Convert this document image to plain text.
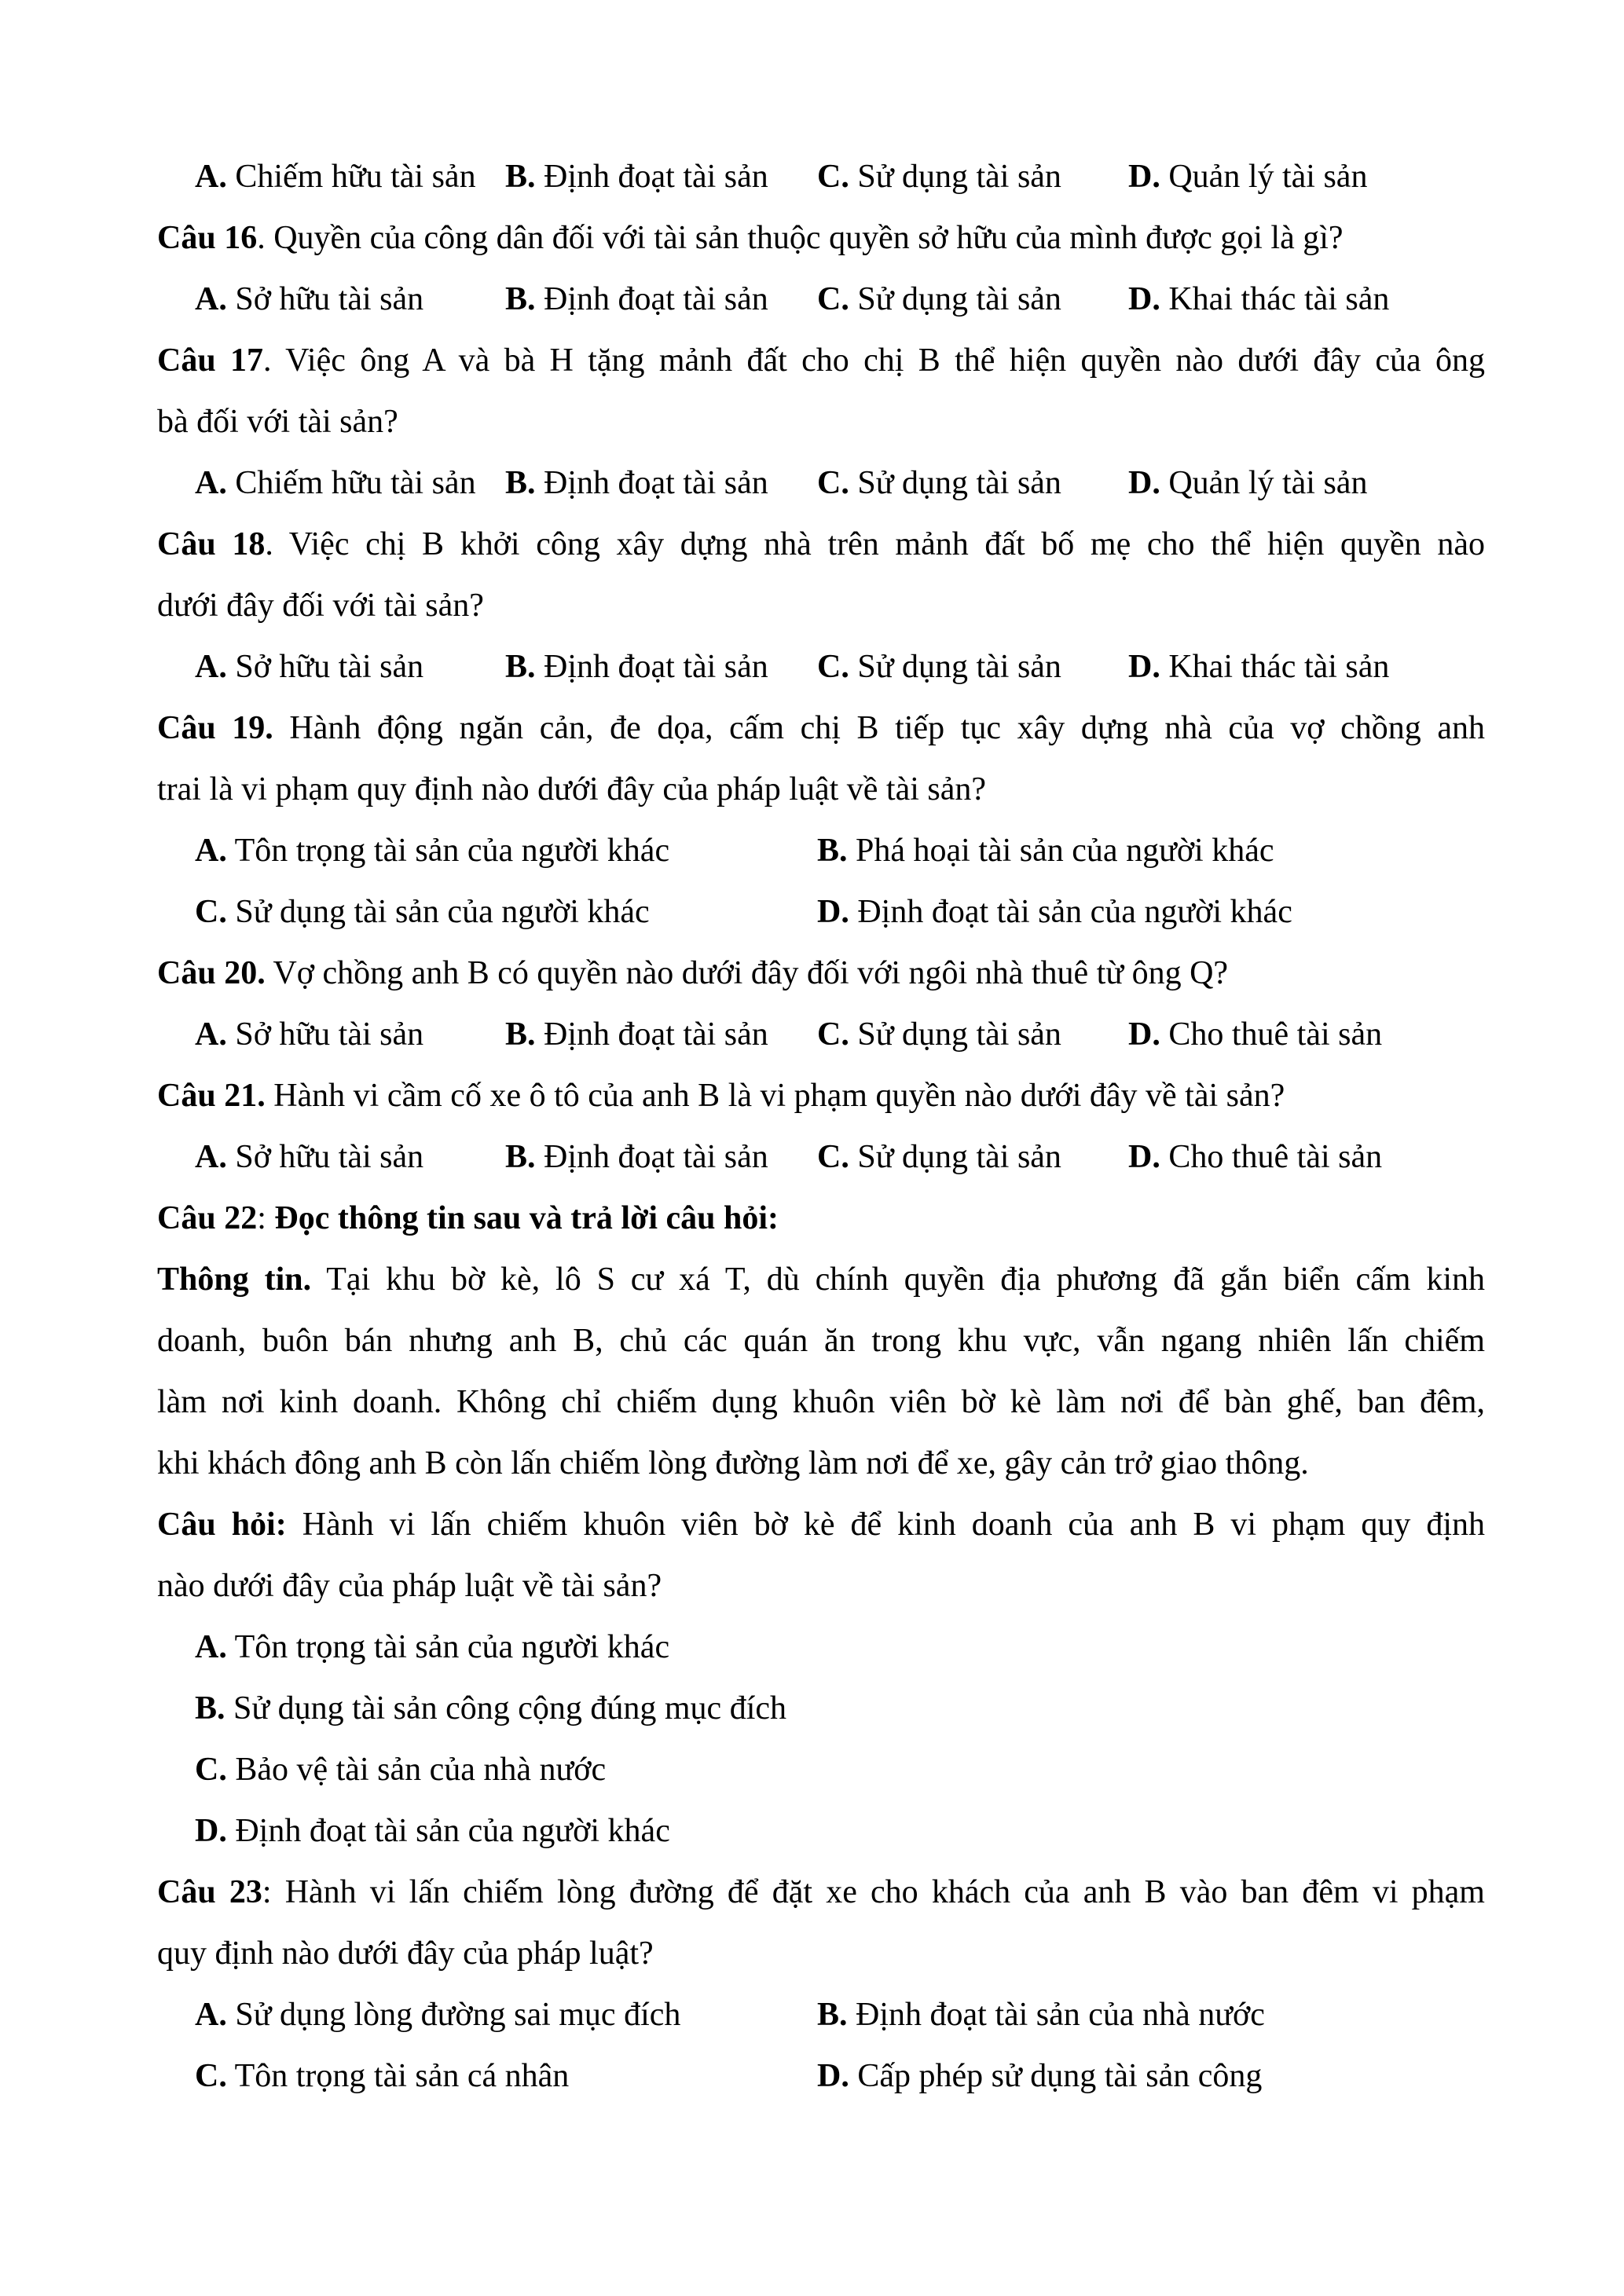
A. Chiếm hữu tài sản B. Định đoạt tài sản C. Sử dụng tài sản D. Quản lý tài sản
Câu 16. Quyền của công dân đối với tài sản thuộc quyền sở hữu của mình được gọi là gì?
A. Sở hữu tài sản B. Định đoạt tài sản C. Sử dụng tài sản D. Khai thác tài sản
Câu 17. Việc ông A và bà H tặng mảnh đất cho chị B thể hiện quyền nào dưới đây của ông
bà đối với tài sản?
A. Chiếm hữu tài sản B. Định đoạt tài sản C. Sử dụng tài sản D. Quản lý tài sản
Câu 18. Việc chị B khởi công xây dựng nhà trên mảnh đất bố mẹ cho thể hiện quyền nào
dưới đây đối với tài sản?
A. Sở hữu tài sản B. Định đoạt tài sản C. Sử dụng tài sản D. Khai thác tài sản
Câu 19. Hành động ngăn cản, đe dọa, cấm chị B tiếp tục xây dựng nhà của vợ chồng anh
trai là vi phạm quy định nào dưới đây của pháp luật về tài sản?
A. Tôn trọng tài sản của người khác	B. Phá hoại tài sản của người khác
C. Sử dụng tài sản của người khác	D. Định đoạt tài sản của người khác
Câu 20. Vợ chồng anh B có quyền nào dưới đây đối với ngôi nhà thuê từ ông Q?
A. Sở hữu tài sản B. Định đoạt tài sản C. Sử dụng tài sản D. Cho thuê tài sản
Câu 21. Hành vi cầm cố xe ô tô của anh B là vi phạm quyền nào dưới đây về tài sản?
A. Sở hữu tài sản B. Định đoạt tài sản C. Sử dụng tài sản D. Cho thuê tài sản
Câu 22: Đọc thông tin sau và trả lời câu hỏi:
Thông tin. Tại khu bờ kè, lô S cư xá T, dù chính quyền địa phương đã gắn biển cấm kinh
doanh, buôn bán nhưng anh B, chủ các quán ăn trong khu vực, vẫn ngang nhiên lấn chiếm
làm nơi kinh doanh. Không chỉ chiếm dụng khuôn viên bờ kè làm nơi để bàn ghế, ban đêm,
khi khách đông anh B còn lấn chiếm lòng đường làm nơi để xe, gây cản trở giao thông.
Câu hỏi: Hành vi lấn chiếm khuôn viên bờ kè để kinh doanh của anh B vi phạm quy định
nào dưới đây của pháp luật về tài sản?
A. Tôn trọng tài sản của người khác
B. Sử dụng tài sản công cộng đúng mục đích
C. Bảo vệ tài sản của nhà nước
D. Định đoạt tài sản của người khác
Câu 23: Hành vi lấn chiếm lòng đường để đặt xe cho khách của anh B vào ban đêm vi phạm
quy định nào dưới đây của pháp luật?
A. Sử dụng lòng đường sai mục đích	B. Định đoạt tài sản của nhà nước
C. Tôn trọng tài sản cá nhân	D. Cấp phép sử dụng tài sản công
